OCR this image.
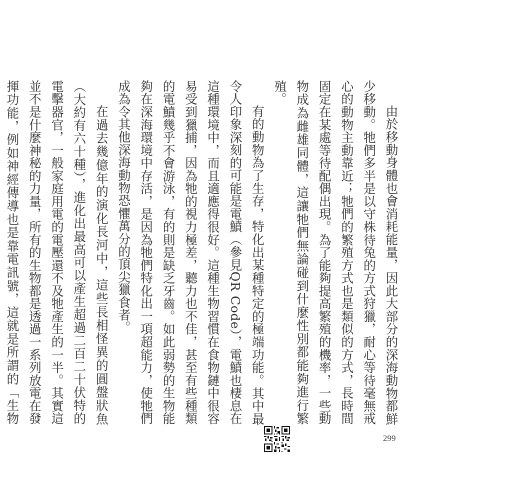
由於移動身體也會消耗能量，因此大部分的深海動物都鮮少移動。牠們多半是以守株待兔的方式狩獵，耐心等待毫無戒心的動物主動靠近；牠們的繁殖方式也是類似的方式，長時間固定在某處等待配偶出現。為了能夠提高繁殖的機率，一些動物成為雌雄同體，這讓牠們無論碰到什麼性別都能夠進行繁殖。

有的動物為了生存，特化出某種特定的極端功能。其中最令人印象深刻的可能是電鱝（參見QR Code），電鱝也棲息在這種環境中，而且適應得很好。這種生物習慣在食物鏈中很容易受到獵捕，因為牠的視力極差，聽力也不佳，甚至有些種類的電鱝幾乎不會游泳，有的則是缺乏牙齒。如此弱勢的生物能夠在深海環境中存活，是因為牠們特化出一項超能力，使牠們成為令其他深海動物恐懼萬分的頂尖獵食者。

在過去幾億年的演化長河中，這些長相怪異的圓盤狀魚（大約有六十種），進化出最高可以產生超過二百二十伏特的電擊器官，一般家庭用電的電壓還不及牠產生的一半。其實這並不是什麼神秘的力量，所有的生物都是透過一系列放電在發揮功能，例如神經傳導也是靠電訊號，這就是所謂的「生物

299
